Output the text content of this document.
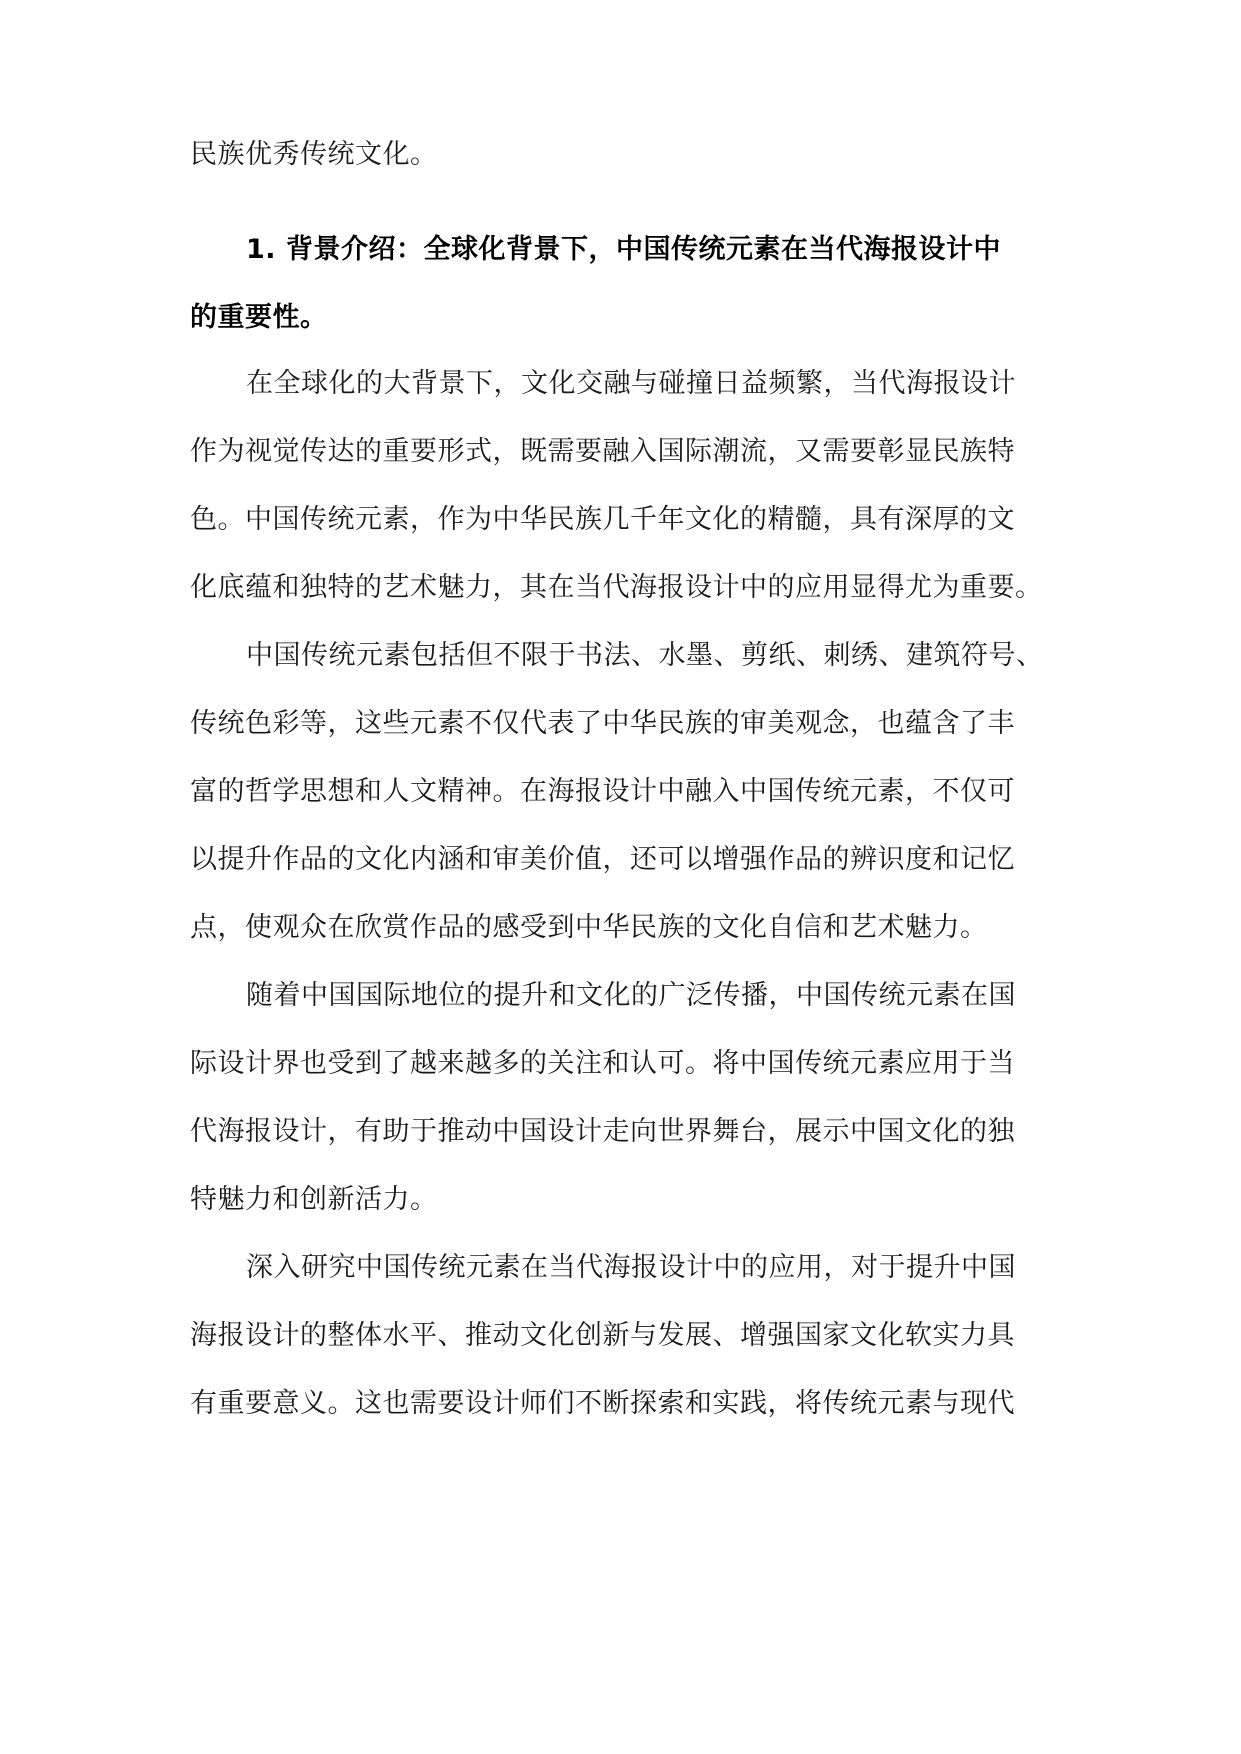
民族优秀传统文化。
1. 背景介绍：全球化背景下，中国传统元素在当代海报设计中
的重要性。
在全球化的大背景下，文化交融与碰撞日益频繁，当代海报设计
作为视觉传达的重要形式，既需要融入国际潮流，又需要彰显民族特
色。中国传统元素，作为中华民族几千年文化的精髓，具有深厚的文
化底蕴和独特的艺术魅力，其在当代海报设计中的应用显得尤为重要。
中国传统元素包括但不限于书法、水墨、剪纸、刺绣、建筑符号、
传统色彩等，这些元素不仅代表了中华民族的审美观念，也蕴含了丰
富的哲学思想和人文精神。在海报设计中融入中国传统元素，不仅可
以提升作品的文化内涵和审美价值，还可以增强作品的辨识度和记忆
点，使观众在欣赏作品的感受到中华民族的文化自信和艺术魅力。
随着中国国际地位的提升和文化的广泛传播，中国传统元素在国
际设计界也受到了越来越多的关注和认可。将中国传统元素应用于当
代海报设计，有助于推动中国设计走向世界舞台，展示中国文化的独
特魅力和创新活力。
深入研究中国传统元素在当代海报设计中的应用，对于提升中国
海报设计的整体水平、推动文化创新与发展、增强国家文化软实力具
有重要意义。这也需要设计师们不断探索和实践，将传统元素与现代
